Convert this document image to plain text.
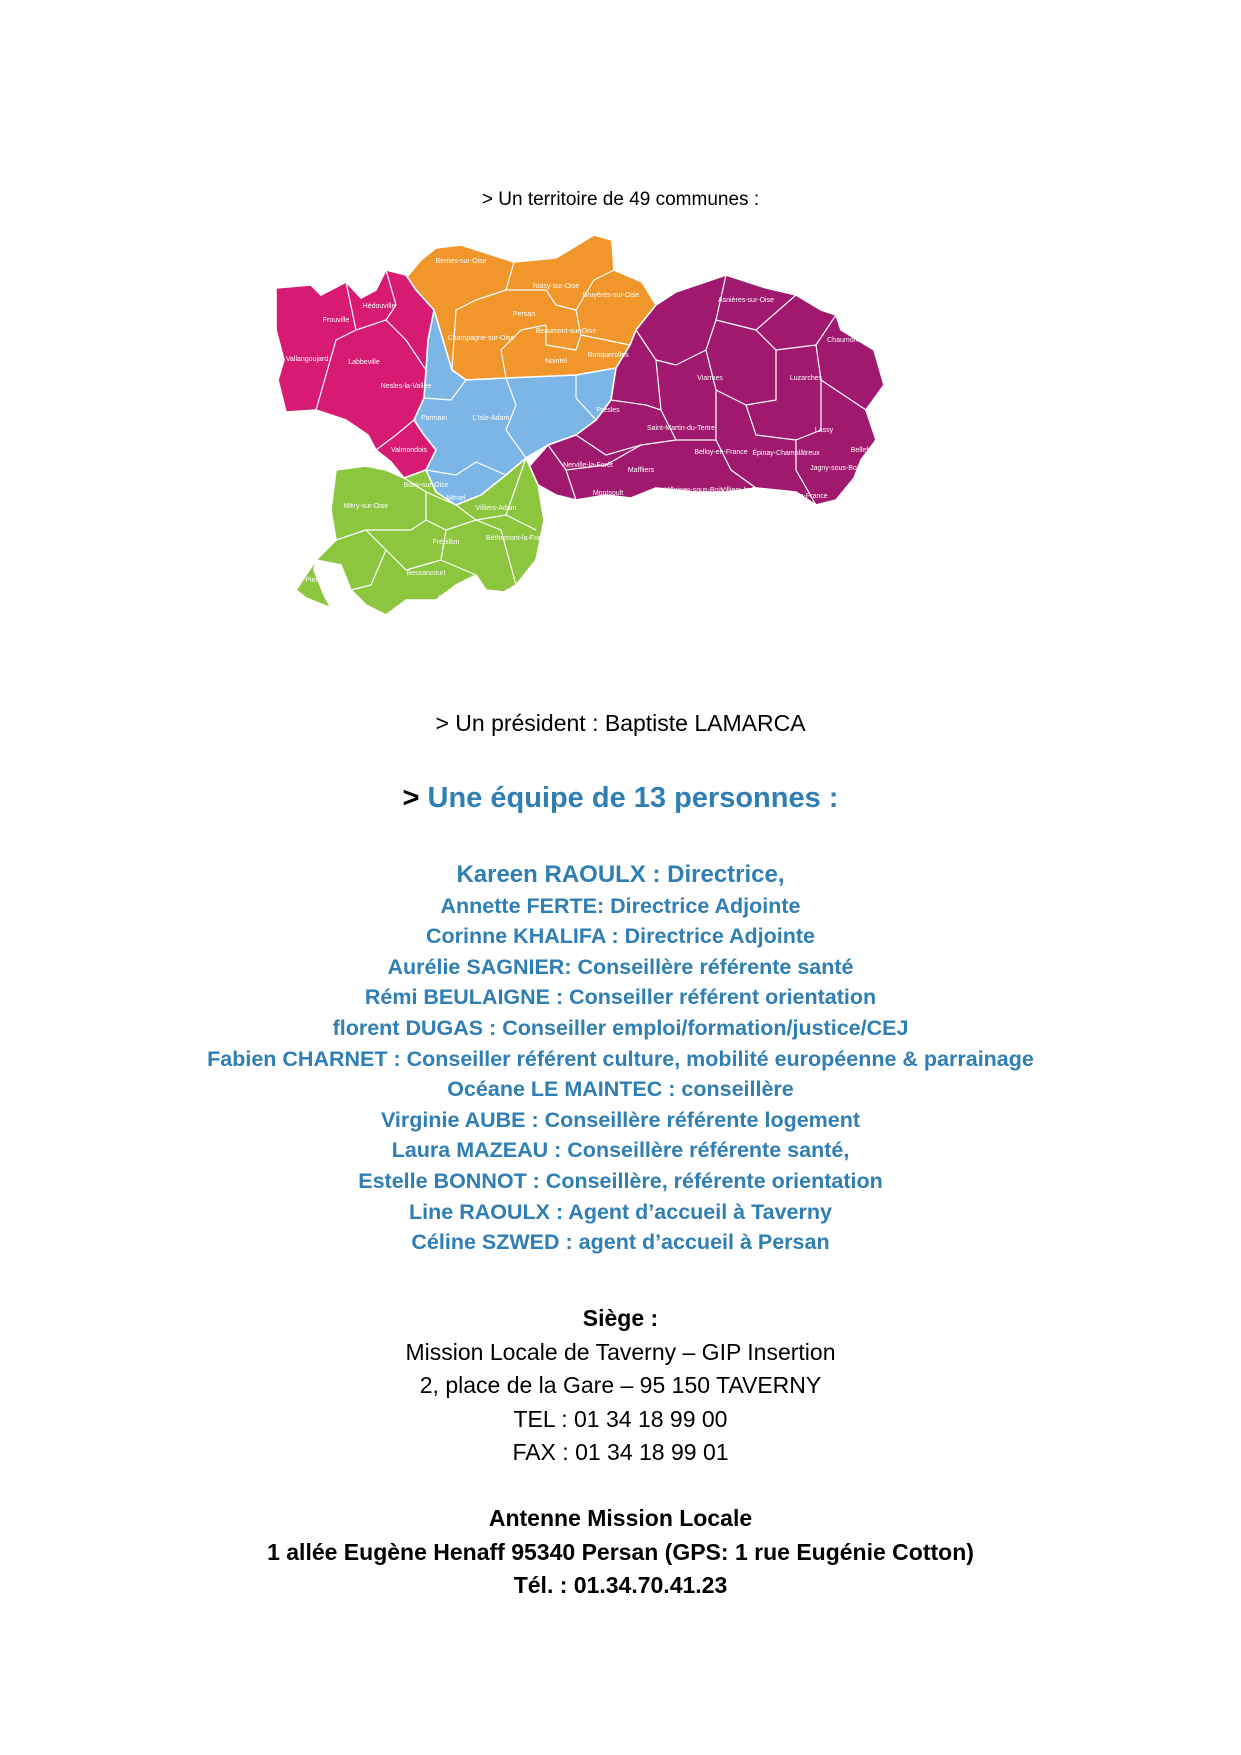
> Un territoire de 49 communes :
Bernes-sur-Oise
Persan
Noisy-sur-Oise
Bruyères-sur-Oise
Champagne-sur-Oise
Beaumont-sur-Oise
Nointel
Ronquerolles
Hédouville
Frouville
Vallangoujard	Labbeville
Nesles-la-Vallée
Parmain
Valmondois
Butry-sur-Oise
L'Isle-Adam
Presles
Nerville-la-Forêt
Mériel
Asnières-sur-Oise
Chaumontel
Viarmes	Luzarches
Saint-Martin-du-Tertre	Lassy
Épinay-Champlâtreux	Bellefontaine
Belloy-en-France
Jagny-sous-Bois
Maffliers
Villaines-sous-Bois
Villiers-le-Sec
Mareil-en-France
Châtenay-en-France
Montsoult
Baillet-en-France
Villiers-Adam
Méry-sur-Oise
Frépillon
Béthemont-la-Forêt
Chauvry
Bessancourt
Pierrelaye
Taverny
Saint-Leu-la-Forêt
> Un président : Baptiste LAMARCA
> Une équipe de 13 personnes :
Kareen RAOULX : Directrice,
Annette FERTE: Directrice Adjointe
Corinne KHALIFA : Directrice Adjointe
Aurélie SAGNIER: Conseillère référente santé
Rémi BEULAIGNE : Conseiller référent orientation
florent DUGAS : Conseiller emploi/formation/justice/CEJ
Fabien CHARNET : Conseiller référent culture, mobilité européenne & parrainage
Océane LE MAINTEC : conseillère
Virginie AUBE : Conseillère référente logement
Laura MAZEAU : Conseillère référente santé,
Estelle BONNOT : Conseillère, référente orientation
Line RAOULX : Agent d’accueil à Taverny
Céline SZWED : agent d’accueil à Persan
Siège :
Mission Locale de Taverny – GIP Insertion
2, place de la Gare – 95 150 TAVERNY
TEL : 01 34 18 99 00
FAX : 01 34 18 99 01
Antenne Mission Locale
1 allée Eugène Henaff 95340 Persan (GPS: 1 rue Eugénie Cotton)
Tél. : 01.34.70.41.23
